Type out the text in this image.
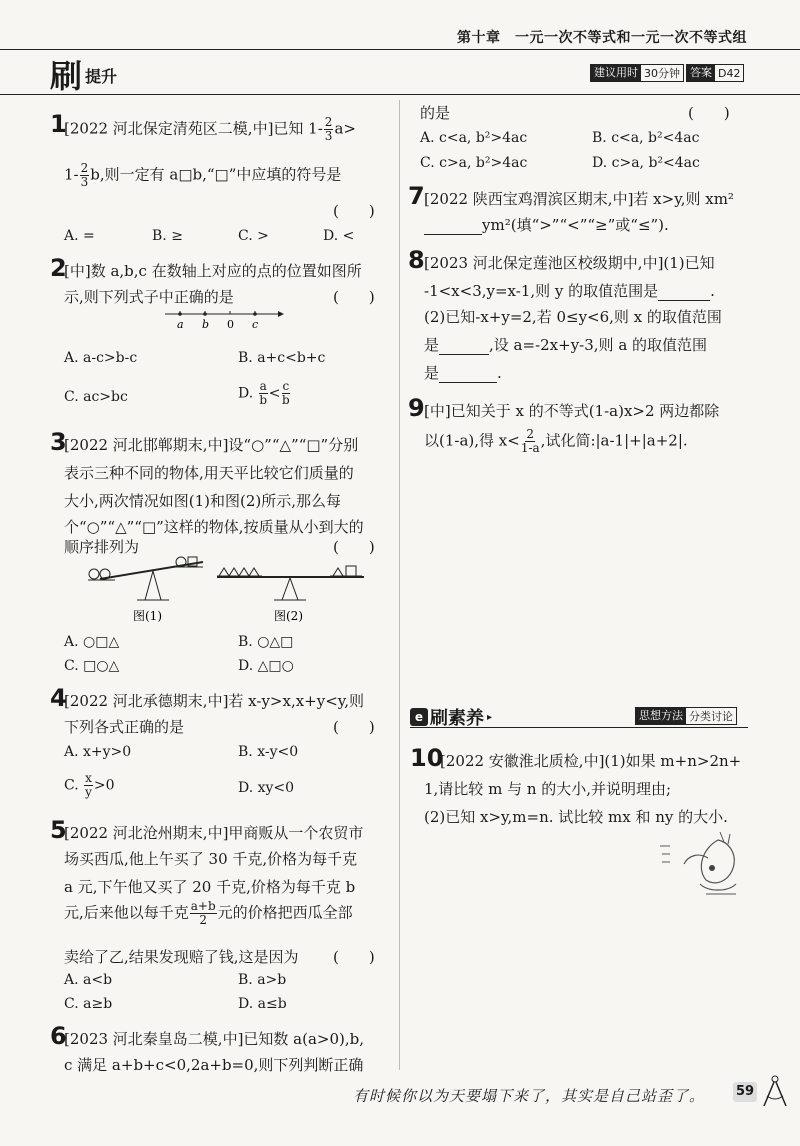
第十章　一元一次不等式和一元一次不等式组
刷 提升	建议用时 30分钟 答案 D42
1
[2022 河北保定清苑区二模,中]已知 $1- \frac{2}{3} a>$
$1- \frac{2}{3} b$,则一定有 a□b,“□”中应填的符号是
(　　)
A. =	B. ≥	C. >	D. <
2
[中]数 a,b,c 在数轴上对应的点的位置如图所
示,则下列式子中正确的是	(　　)
a b 0 c
A. a-c>b-c	B. a+c<b+c
C. ac>bc	D. $\frac{a}{b} < \frac{c}{b}$
3
[2022 河北邯郸期末,中]设“○”“△”“□”分别
表示三种不同的物体,用天平比较它们质量的
大小,两次情况如图(1)和图(2)所示,那么每
个“○”“△”“□”这样的物体,按质量从小到大的
顺序排列为	(　　)
图(1)	图(2)
A. ○□△	B. ○△□
C. □○△	D. △□○
4
[2022 河北承德期末,中]若 x-y>x,x+y<y,则
下列各式正确的是	(　　)
A. x+y>0	B. x-y<0
C. $\frac{x}{y} >0$	D. xy<0
5
[2022 河北沧州期末,中]甲商贩从一个农贸市
场买西瓜,他上午买了 30 千克,价格为每千克
a 元,下午他又买了 20 千克,价格为每千克 b
元,后来他以每千克 $\frac{a+b}{2}$ 元的价格把西瓜全部
卖给了乙,结果发现赔了钱,这是因为 (　　)
A. a<b	B. a>b
C. a≥b	D. a≤b
6
[2023 河北秦皇岛二模,中]已知数 a(a>0),b,
c 满足 a+b+c<0,2a+b=0,则下列判断正确
的是	(　　)
A. c<a, b²>4ac	B. c<a, b²<4ac
C. c>a, b²>4ac	D. c>a, b²<4ac
7 [2022 陕西宝鸡渭滨区期末,中]若 x>y,则 xm²
ym²(填“>”“<”“≥”或“≤”).
8 [2023 河北保定莲池区校级期中,中](1)已知
-1<x<3,y=x-1,则 y 的取值范围是	.
(2)已知-x+y=2,若 0≤y<6,则 x 的取值范围
是	,设 a=-2x+y-3,则 a 的取值范围
是	.
9 [中]已知关于 x 的不等式(1-a)x>2 两边都除
以(1-a),得 $x< \frac{2}{1-a}$ ,试化简:|a-1|+|a+2|.
e 刷素养 ▸	思想方法 分类讨论
10
[2022 安徽淮北质检,中](1)如果 m+n>2n+
1,请比较 m 与 n 的大小,并说明理由;
(2)已知 x>y,m=n. 试比较 mx 和 ny 的大小.
有时候你以为天要塌下来了，其实是自己站歪了。 59
